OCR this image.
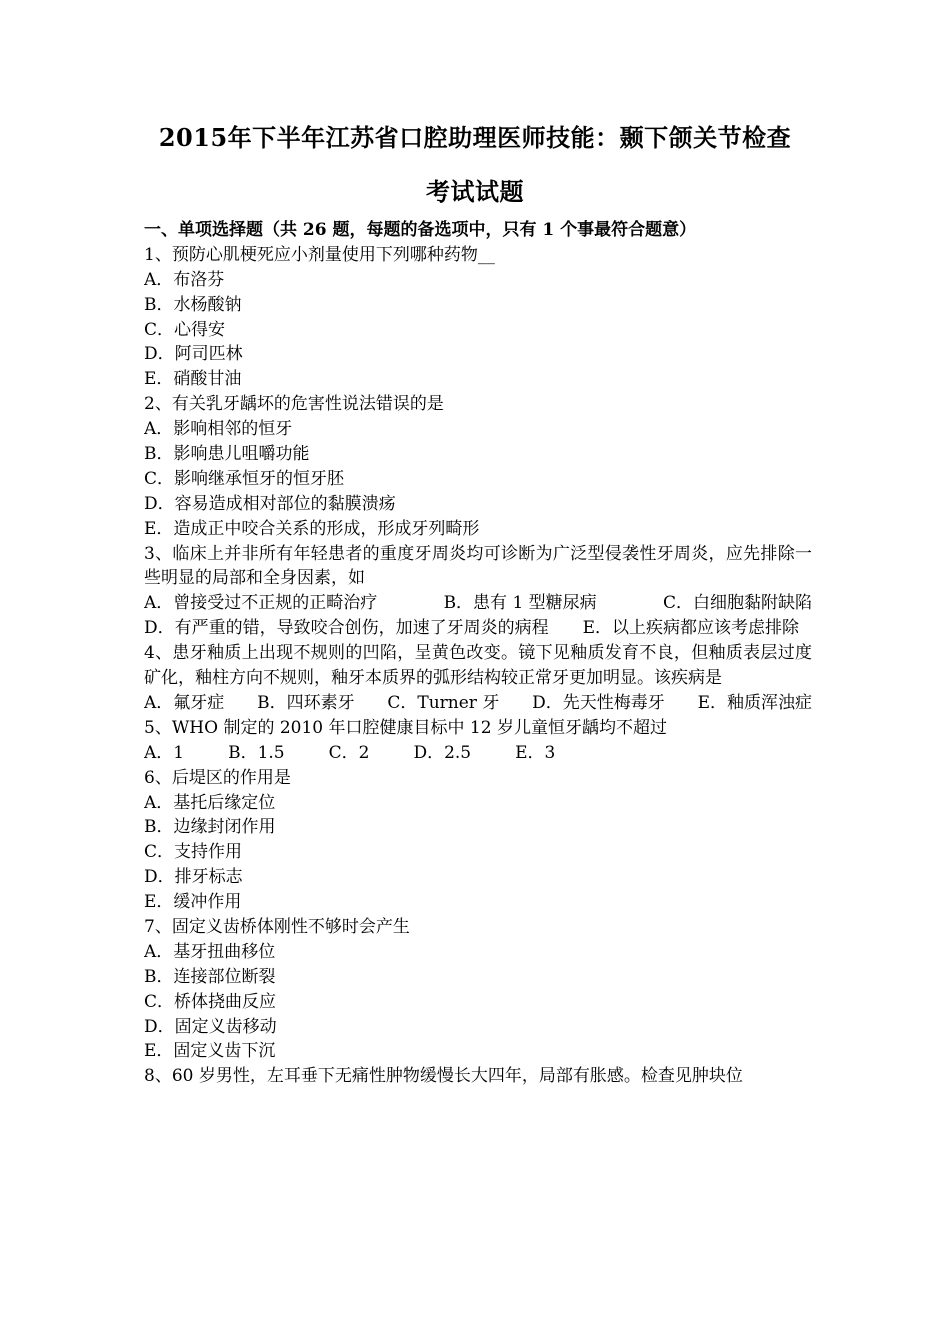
2015年下半年江苏省口腔助理医师技能：颞下颌关节检查
考试试题
一、单项选择题（共 26 题，每题的备选项中，只有 1 个事最符合题意）
1、预防心肌梗死应小剂量使用下列哪种药物__
A．布洛芬
B．水杨酸钠
C．心得安
D．阿司匹林
E．硝酸甘油
2、有关乳牙龋坏的危害性说法错误的是
A．影响相邻的恒牙
B．影响患儿咀嚼功能
C．影响继承恒牙的恒牙胚
D．容易造成相对部位的黏膜溃疡
E．造成正中咬合关系的形成，形成牙列畸形
3、临床上并非所有年轻患者的重度牙周炎均可诊断为广泛型侵袭性牙周炎，应先排除一些明显的局部和全身因素，如
A．曾接受过不正规的正畸治疗	B．患有 1 型糖尿病	C．白细胞黏附缺陷
D．有严重的错，导致咬合创伤，加速了牙周炎的病程　　E．以上疾病都应该考虑排除
4、患牙釉质上出现不规则的凹陷，呈黄色改变。镜下见釉质发育不良，但釉质表层过度矿化，釉柱方向不规则，釉牙本质界的弧形结构较正常牙更加明显。该疾病是
A．氟牙症 B．四环素牙 C．Turner 牙 D．先天性梅毒牙 E．釉质浑浊症
5、WHO 制定的 2010 年口腔健康目标中 12 岁儿童恒牙龋均不超过
A．1	B．1.5	C．2	D．2.5	E．3
6、后堤区的作用是
A．基托后缘定位
B．边缘封闭作用
C．支持作用
D．排牙标志
E．缓冲作用
7、固定义齿桥体刚性不够时会产生
A．基牙扭曲移位
B．连接部位断裂
C．桥体挠曲反应
D．固定义齿移动
E．固定义齿下沉
8、60 岁男性，左耳垂下无痛性肿物缓慢长大四年，局部有胀感。检查见肿块位
